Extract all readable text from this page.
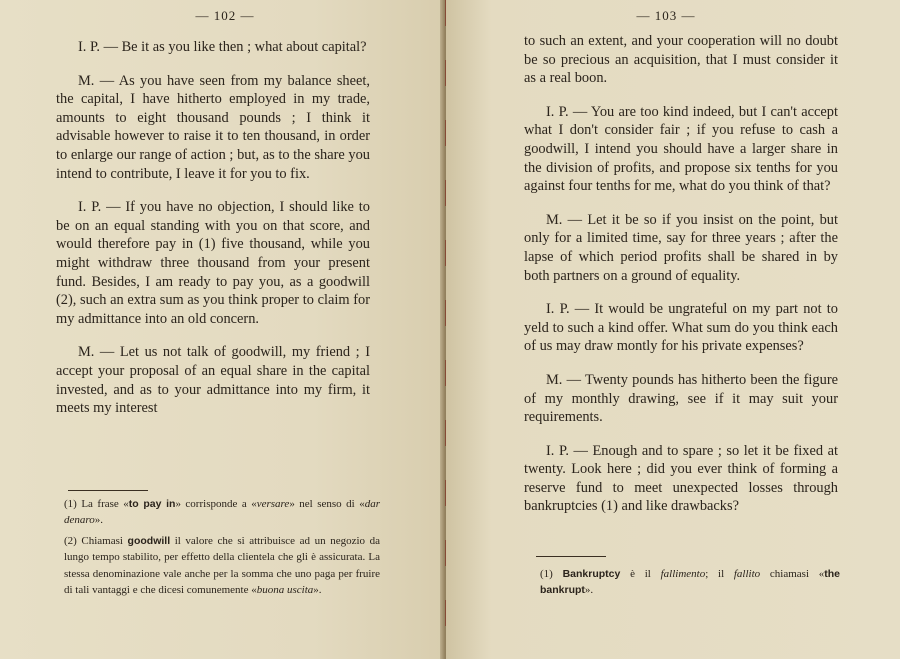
— 102 —

I. P. — Be it as you like then ; what about capital?

M. — As you have seen from my balance sheet, the capital, I have hitherto employed in my trade, amounts to eight thousand pounds ; I think it advisable however to raise it to ten thousand, in order to enlarge our range of action ; but, as to the share you intend to contribute, I leave it for you to fix.

I. P. — If you have no objection, I should like to be on an equal standing with you on that score, and would therefore pay in (1) five thousand, while you might withdraw three thousand from your present fund. Besides, I am ready to pay you, as a goodwill (2), such an extra sum as you think proper to claim for my admittance into an old concern.

M. — Let us not talk of goodwill, my friend ; I accept your proposal of an equal share in the capital invested, and as to your admittance into my firm, it meets my interest

(1) La frase «to pay in» corrisponde a «versare» nel senso di «dar denaro».

(2) Chiamasi goodwill il valore che si attribuisce ad un negozio da lungo tempo stabilito, per effetto della clientela che gli è assicurata. La stessa denominazione vale anche per la somma che uno paga per fruire di tali vantaggi e che dicesi comunemente «buona uscita».

— 103 —

to such an extent, and your cooperation will no doubt be so precious an acquisition, that I must consider it as a real boon.

I. P. — You are too kind indeed, but I can't accept what I don't consider fair ; if you refuse to cash a goodwill, I intend you should have a larger share in the division of profits, and propose six tenths for you against four tenths for me, what do you think of that?

M. — Let it be so if you insist on the point, but only for a limited time, say for three years ; after the lapse of which period profits shall be shared in by both partners on a ground of equality.

I. P. — It would be ungrateful on my part not to yeld to such a kind offer. What sum do you think each of us may draw montly for his private expenses?

M. — Twenty pounds has hitherto been the figure of my monthly drawing, see if it may suit your requirements.

I. P. — Enough and to spare ; so let it be fixed at twenty. Look here ; did you ever think of forming a reserve fund to meet unexpected losses through bankruptcies (1) and like drawbacks?

(1) Bankruptcy è il fallimento; il fallito chiamasi «the bankrupt».
